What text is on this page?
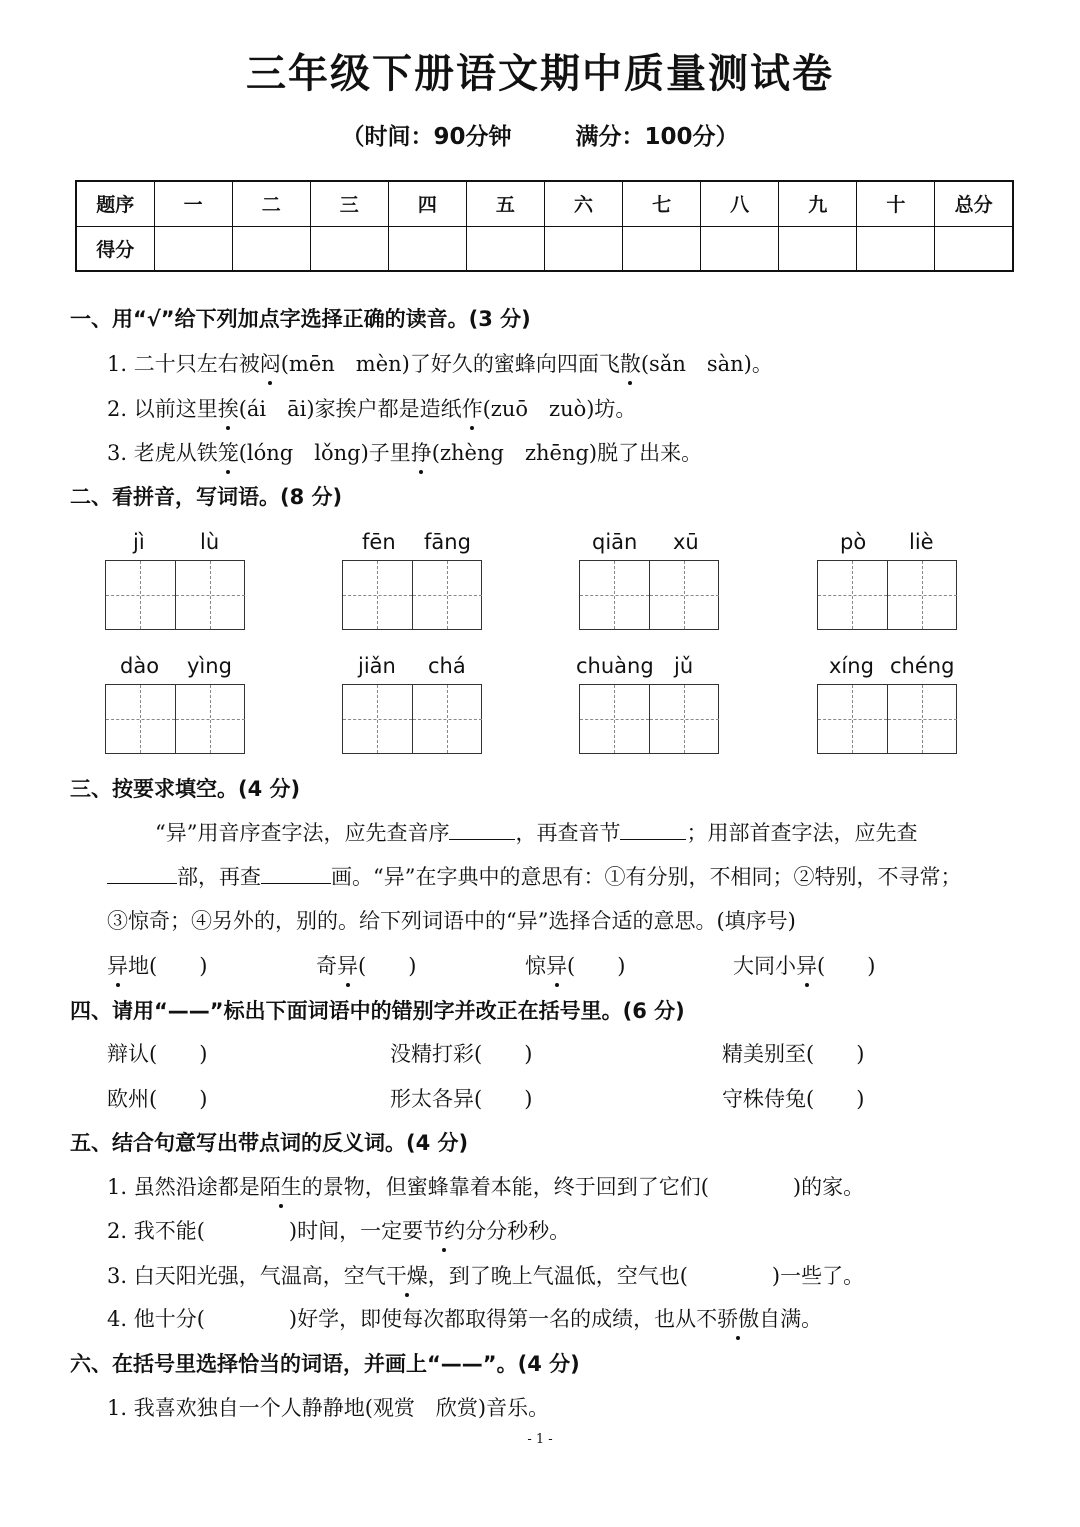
三年级下册语文期中质量测试卷
（时间：90分钟	满分：100分）
题序	一	二	三	四	五	六	七	八	九	十	总分
得分											
一、用“√”给下列加点字选择正确的读音。(3 分)
1. 二十只左右被闷(mēn　mèn)了好久的蜜蜂向四面飞散(sǎn　sàn)。
2. 以前这里挨(ái　āi)家挨户都是造纸作(zuō　zuò)坊。
3. 老虎从铁笼(lóng　lǒng)子里挣(zhèng　zhēng)脱了出来。
二、看拼音，写词语。(8 分)
jì	lù	fēn fāng	qiān xū	pò liè
dào yìng	jiǎn chá	chuàng jǔ	xíng chéng
三、按要求填空。(4 分)
“异”用音序查字法，应先查音序	，再查音节	；用部首查字法，应先查
部，再查	画。“异”在字典中的意思有：①有分别，不相同；②特别，不寻常；
③惊奇；④另外的，别的。给下列词语中的“异”选择合适的意思。(填序号)
异地(　　)	奇异(　　)	惊异(　　)	大同小异(　　)
四、请用“——”标出下面词语中的错别字并改正在括号里。(6 分)
辩认(　　)	没精打彩(　　)	精美别至(　　)
欧州(　　)	形太各异(　　)	守株侍兔(　　)
五、结合句意写出带点词的反义词。(4 分)
1. 虽然沿途都是陌生的景物，但蜜蜂靠着本能，终于回到了它们(　　　　)的家。
2. 我不能(　　　　)时间，一定要节约分分秒秒。
3. 白天阳光强，气温高，空气干燥，到了晚上气温低，空气也(　　　　)一些了。
4. 他十分(　　　　)好学，即使每次都取得第一名的成绩，也从不骄傲自满。
六、在括号里选择恰当的词语，并画上“——”。(4 分)
1. 我喜欢独自一个人静静地(观赏　欣赏)音乐。
- 1 -
